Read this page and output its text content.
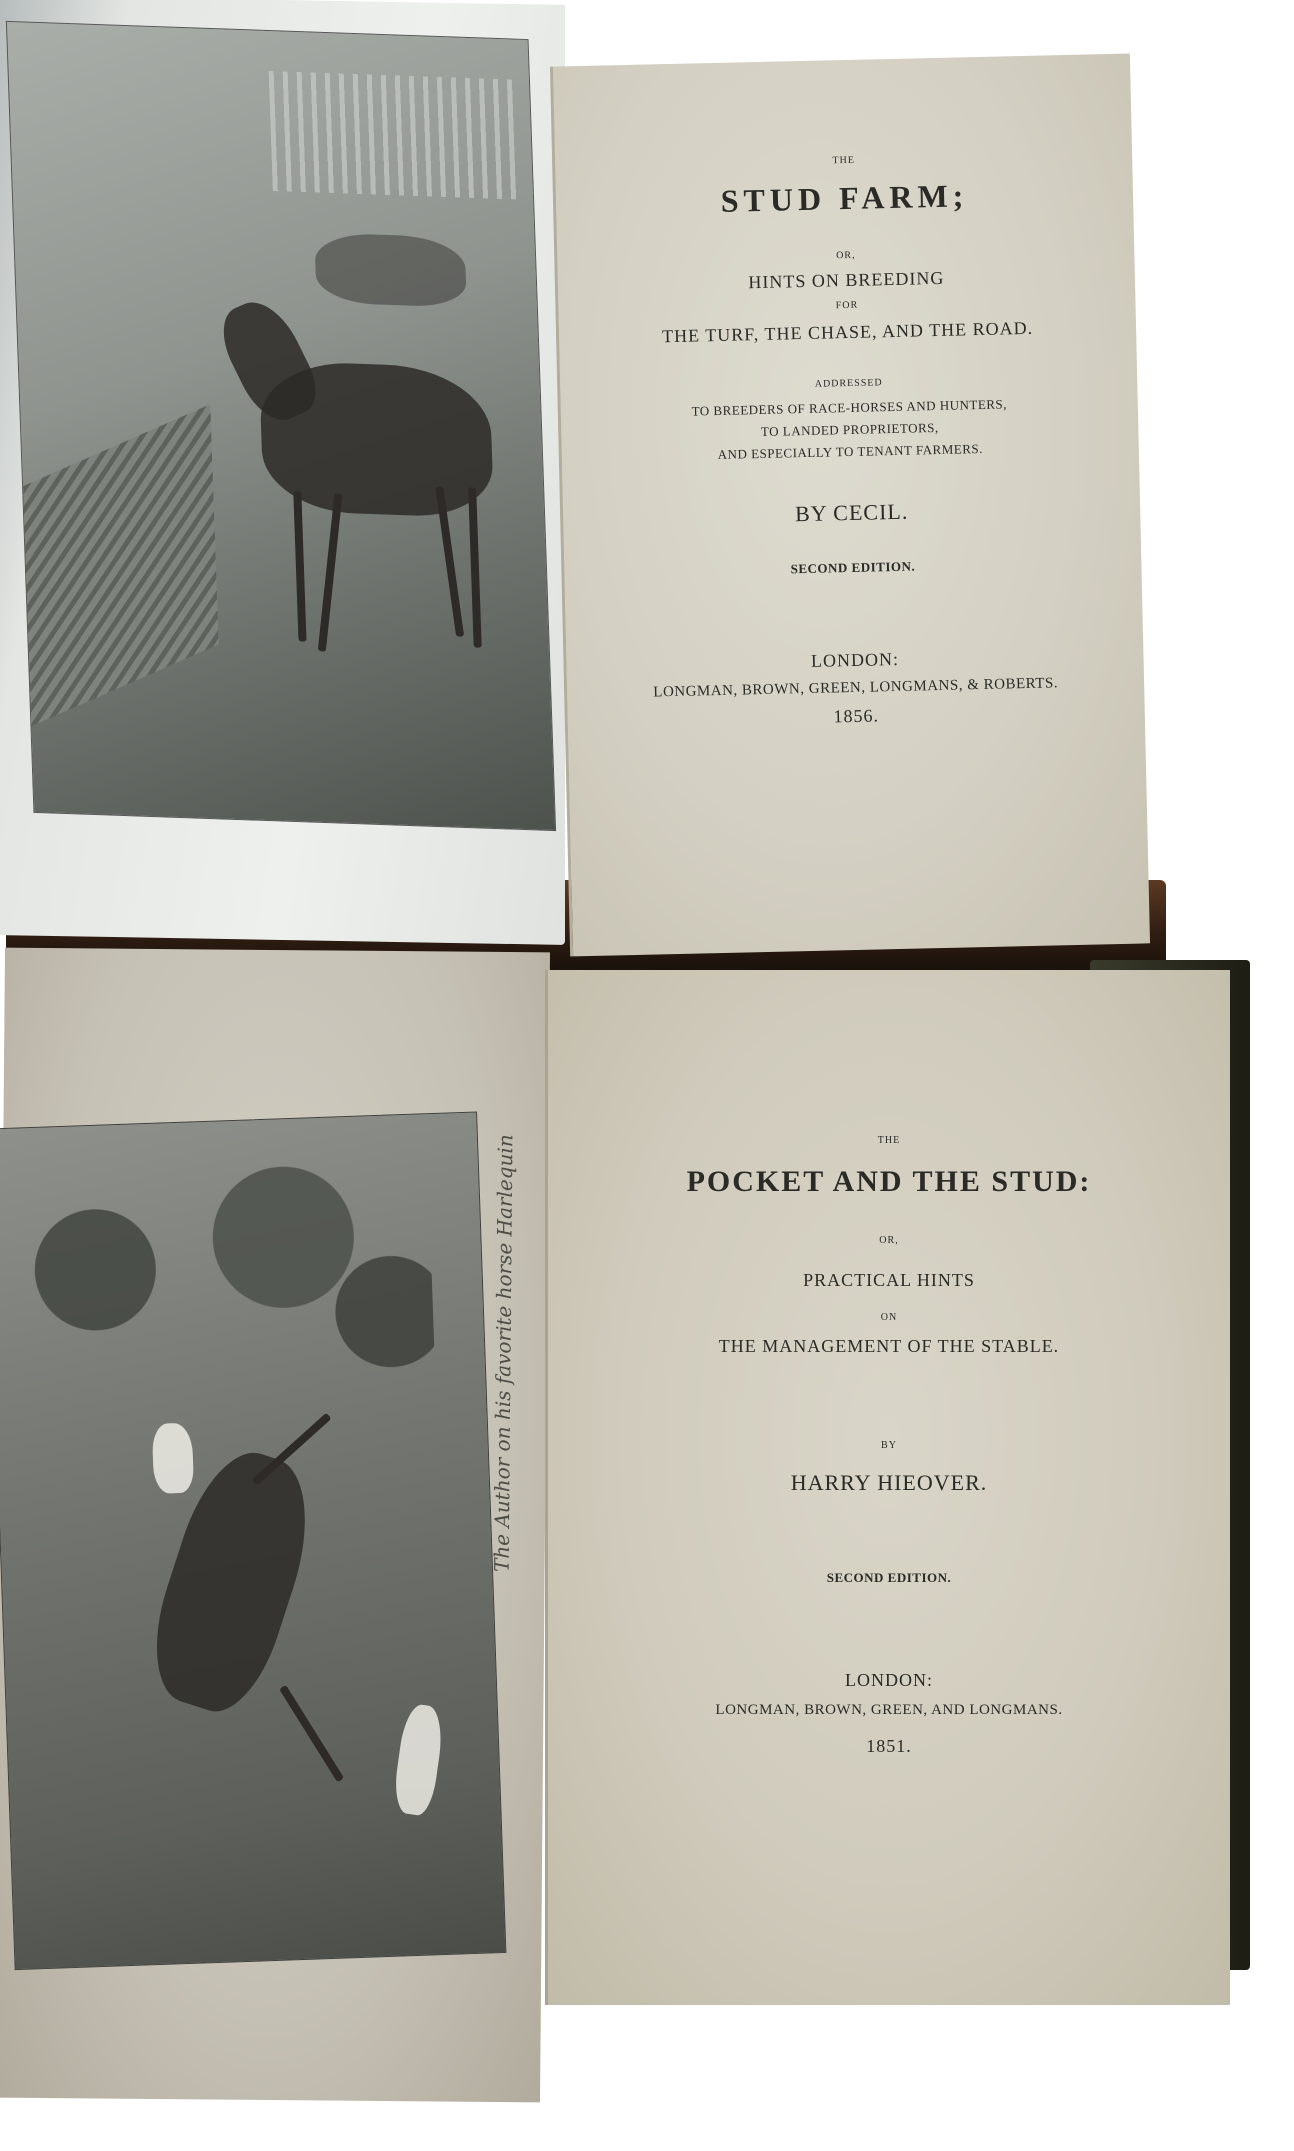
THE
STUD FARM;
OR,
HINTS ON BREEDING
FOR
THE TURF, THE CHASE, AND THE ROAD.
ADDRESSED
TO BREEDERS OF RACE-HORSES AND HUNTERS,
TO LANDED PROPRIETORS,
AND ESPECIALLY TO TENANT FARMERS.
BY CECIL.
SECOND EDITION.
LONDON:
LONGMAN, BROWN, GREEN, LONGMANS, & ROBERTS.
1856.
The Author on his favorite horse Harlequin	THE
POCKET AND THE STUD:
OR,
PRACTICAL HINTS
ON
THE MANAGEMENT OF THE STABLE.
BY
HARRY HIEOVER.
SECOND EDITION.
LONDON:
LONGMAN, BROWN, GREEN, AND LONGMANS.
1851.
